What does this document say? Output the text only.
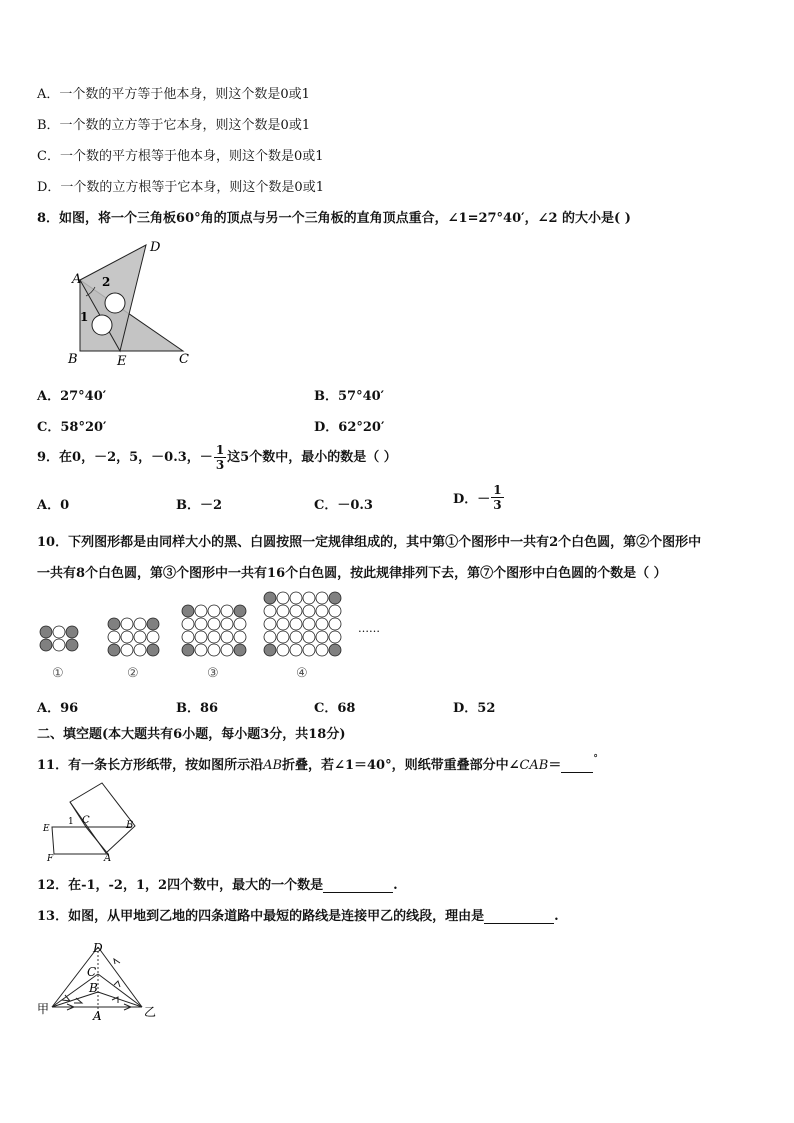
A．一个数的平方等于他本身，则这个数是0或1
B．一个数的立方等于它本身，则这个数是0或1
C．一个数的平方根等于他本身，则这个数是0或1
D．一个数的立方根等于它本身，则这个数是0或1
8．如图，将一个三角板60°角的顶点与另一个三角板的直角顶点重合，∠1=27°40′，∠2 的大小是( )
A
D
B	E	C
2
1
A．27°40′	B．57°40′
C．58°20′	D．62°20′
9．在0，－2，5，－0.3，－ $\frac{1}{3}$ 这5个数中，最小的数是（ ）
A．0	B．－2	C．－0.3	D．－ $\frac{1}{3}$
10．下列图形都是由同样大小的黑、白圆按照一定规律组成的，其中第①个图形中一共有2个白色圆，第②个图形中
一共有8个白色圆，第③个图形中一共有16个白色圆，按此规律排列下去，第⑦个图形中白色圆的个数是（ ）
……
①	②	③	④
A．96	B．86	C．68	D．52
二、填空题(本大题共有6小题，每小题3分，共18分)
11．有一条长方形纸带，按如图所示沿AB折叠，若∠1＝40°，则纸带重叠部分中∠CAB＝	°
E
F
1 C	B
A
12．在-1，-2，1，2四个数中，最大的一个数是	.
13．如图，从甲地到乙地的四条道路中最短的路线是连接甲乙的线段，理由是	.
D
C
B
A
甲	乙
